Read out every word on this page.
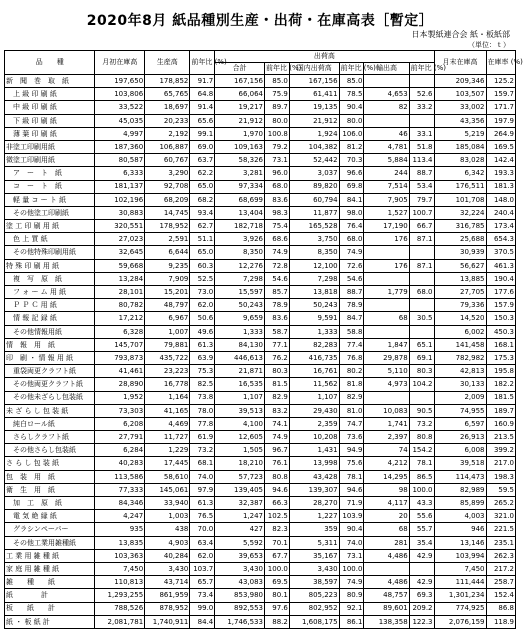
2020年8月 紙品種別生産・出荷・在庫高表［暫定］
日本製紙連合会 紙・板紙部
（単位：ｔ）
品　　種	月初在庫高	生産高	前年比 (%)	出荷高						月末在庫高	在庫率 (%)
				合計	前年比 (%)	国内出荷高	前年比 (%)	輸出高	前年比 (%)		
新　聞　巻　取　紙	197,650	178,852	91.7	167,156	85.0	167,156	85.0			209,346	125.2
上 級 印 刷 紙	103,806	65,765	64.8	66,064	75.9	61,411	78.5	4,653	52.6	103,507	159.7
中 級 印 刷 紙	33,522	18,697	91.4	19,217	89.7	19,135	90.4	82	33.2	33,002	171.7
下 級 印 刷 紙	45,035	20,233	65.6	21,912	80.0	21,912	80.0			43,356	197.9
薄 葉 印 刷 紙	4,997	2,192	99.1	1,970	100.8	1,924	106.0	46	33.1	5,219	264.9
非塗工印刷用紙	187,360	106,887	69.0	109,163	79.2	104,382	81.2	4,781	51.8	185,084	169.5
微塗工印刷用紙	80,587	60,767	63.7	58,326	73.1	52,442	70.3	5,884	113.4	83,028	142.4
ア　ー　ト　紙	6,333	3,290	62.2	3,281	96.0	3,037	96.6	244	88.7	6,342	193.3
コ　ー　ト　紙	181,137	92,708	65.0	97,334	68.0	89,820	69.8	7,514	53.4	176,511	181.3
軽 量 コ ー ト 紙	102,196	68,209	68.2	68,699	83.6	60,794	84.1	7,905	79.7	101,708	148.0
その他塗工印刷紙	30,883	14,745	93.4	13,404	98.3	11,877	98.0	1,527	100.7	32,224	240.4
塗 工 印 刷 用 紙	320,551	178,952	62.7	182,718	75.4	165,528	76.4	17,190	66.7	316,785	173.4
色 上 質 紙	27,023	2,591	51.1	3,926	68.6	3,750	68.0	176	87.1	25,688	654.3
その他特殊印刷用紙	32,645	6,644	65.0	8,350	74.9	8,350	74.9			30,939	370.5
特 殊 印 刷 用 紙	59,668	9,235	60.3	12,276	72.8	12,100	72.6	176	87.1	56,627	461.3
複　写　原　紙	13,284	7,909	52.5	7,298	54.6	7,298	54.6			13,885	190.4
フ ォ ー ム 用 紙	28,101	15,201	73.0	15,597	85.7	13,818	88.7	1,779	68.0	27,705	177.6
Ｐ Ｐ Ｃ 用 紙	80,782	48,797	62.0	50,243	78.9	50,243	78.9			79,336	157.9
情 報 記 録 紙	17,212	6,967	50.6	9,659	83.6	9,591	84.7	68	30.5	14,520	150.3
その他情報用紙	6,328	1,007	49.6	1,333	58.7	1,333	58.8			6,002	450.3
情　報　用　紙	145,707	79,881	61.3	84,130	77.1	82,283	77.4	1,847	65.1	141,458	168.1
印　刷 ・ 情 報 用 紙	793,873	435,722	63.9	446,613	76.2	416,735	76.8	29,878	69.1	782,982	175.3
重袋両更クラフト紙	41,461	23,223	75.3	21,871	80.3	16,761	80.2	5,110	80.3	42,813	195.8
その他両更クラフト紙	28,890	16,778	82.5	16,535	81.5	11,562	81.8	4,973	104.2	30,133	182.2
その他未ざらし包装紙	1,952	1,164	73.8	1,107	82.9	1,107	82.9			2,009	181.5
未 ざ ら し 包 装 紙	73,303	41,165	78.0	39,513	83.2	29,430	81.0	10,083	90.5	74,955	189.7
純白ロール紙	6,208	4,469	77.8	4,100	74.1	2,359	74.7	1,741	73.2	6,597	160.9
さらしクラフト紙	27,791	11,727	61.9	12,605	74.9	10,208	73.6	2,397	80.8	26,913	213.5
その他さらし包装紙	6,284	1,229	73.2	1,505	96.7	1,431	94.9	74	154.2	6,008	399.2
さ ら し 包 装 紙	40,283	17,445	68.1	18,210	76.1	13,998	75.6	4,212	78.1	39,518	217.0
包　装　用　紙	113,586	58,610	74.0	57,723	80.8	43,428	78.1	14,295	86.5	114,473	198.3
衛　生　用　紙	77,333	145,061	97.9	139,405	94.6	139,307	94.6	98	100.0	82,989	59.5
加　工　原　紙	84,346	33,940	61.3	32,387	66.3	28,270	71.9	4,117	43.3	85,899	265.2
電 気 絶 縁 紙	4,247	1,003	76.5	1,247	102.5	1,227	103.9	20	55.6	4,003	321.0
グラシンペーパー	935	438	70.0	427	82.3	359	90.4	68	55.7	946	221.5
その他工業用雑種紙	13,835	4,903	63.4	5,592	70.1	5,311	74.0	281	35.4	13,146	235.1
工 業 用 雑 種 紙	103,363	40,284	62.0	39,653	67.7	35,167	73.1	4,486	42.9	103,994	262.3
家 庭 用 雑 種 紙	7,450	3,430	103.7	3,430	100.0	3,430	100.0			7,450	217.2
雑　　種　　紙	110,813	43,714	65.7	43,083	69.5	38,597	74.9	4,486	42.9	111,444	258.7
紙　　　　計	1,293,255	861,959	73.4	853,980	80.1	805,223	80.9	48,757	69.3	1,301,234	152.4
板　　紙　　計	788,526	878,952	99.0	892,553	97.6	802,952	92.1	89,601	209.2	774,925	86.8
紙 ・ 板 紙 計	2,081,781	1,740,911	84.4	1,746,533	88.2	1,608,175	86.1	138,358	122.3	2,076,159	118.9
